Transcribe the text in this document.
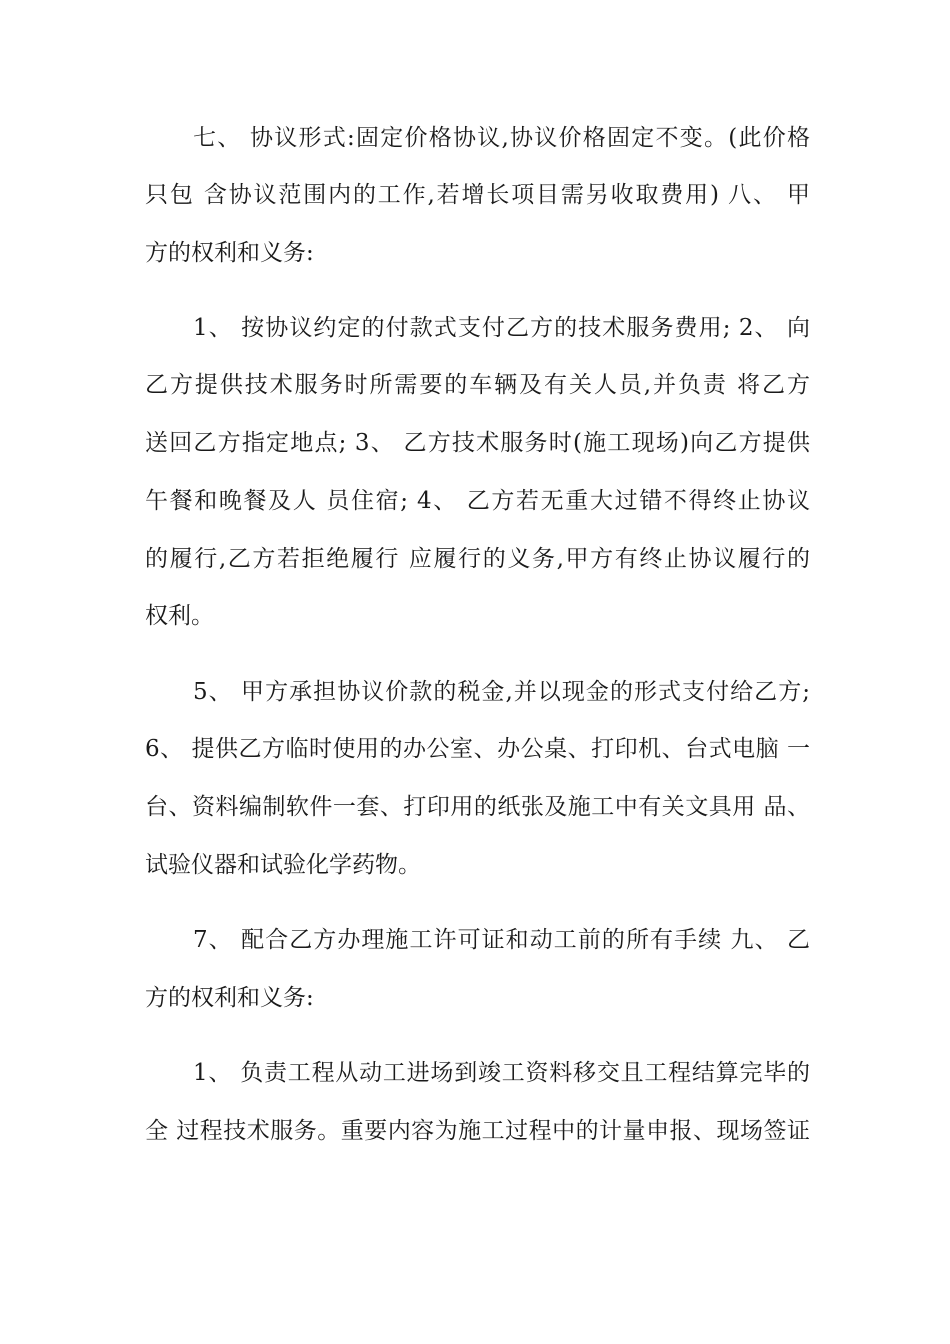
七、 协议形式:固定价格协议,协议价格固定不变。(此价格
只包 含协议范围内的工作,若增长项目需另收取费用) 八、 甲
方的权利和义务:
1、 按协议约定的付款式支付乙方的技术服务费用; 2、 向
乙方提供技术服务时所需要的车辆及有关人员,并负责 将乙方
送回乙方指定地点; 3、 乙方技术服务时(施工现场)向乙方提供
午餐和晚餐及人 员住宿; 4、 乙方若无重大过错不得终止协议
的履行,乙方若拒绝履行 应履行的义务,甲方有终止协议履行的
权利。
5、 甲方承担协议价款的税金,并以现金的形式支付给乙方;
6、 提供乙方临时使用的办公室、办公桌、打印机、台式电脑 一
台、资料编制软件一套、打印用的纸张及施工中有关文具用 品、
试验仪器和试验化学药物。
7、 配合乙方办理施工许可证和动工前的所有手续 九、 乙
方的权利和义务:
1、 负责工程从动工进场到竣工资料移交且工程结算完毕的
全 过程技术服务。重要内容为施工过程中的计量申报、现场签证
